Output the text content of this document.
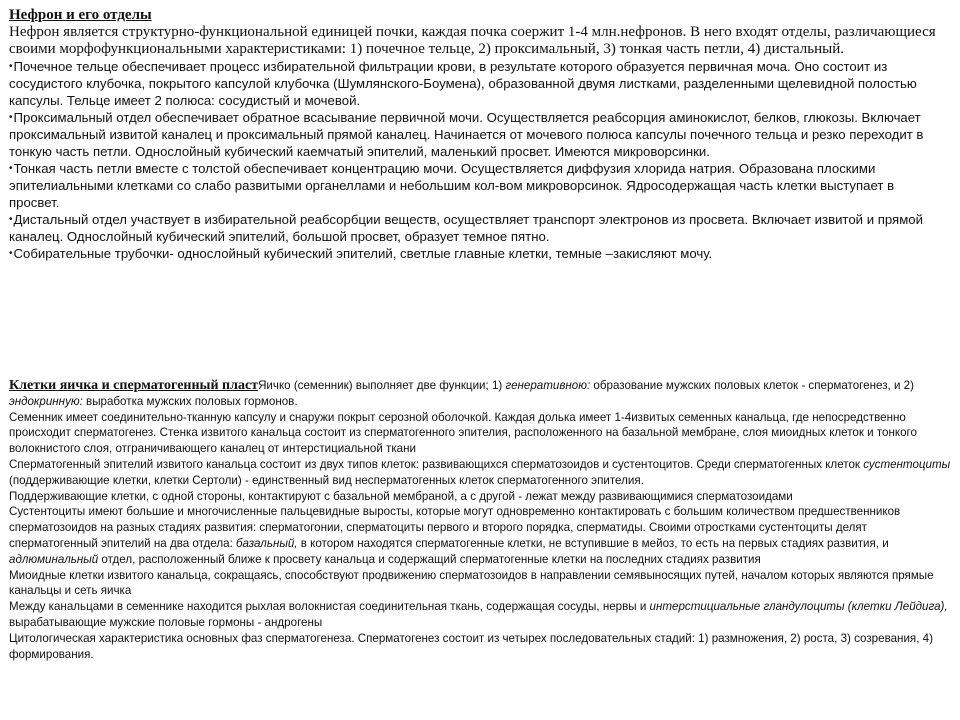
Нефрон и его отделы

Нефрон является структурно-функциональной единицей почки, каждая почка соержит 1-4 млн.нефронов. В него входят отделы, различающиеся своими морфофункциональными характеристиками: 1) почечное тельце, 2) проксимальный, 3) тонкая часть петли, 4) дистальный.

•Почечное тельце обеспечивает процесс избирательной фильтрации крови, в результате которого образуется первичная моча. Оно состоит из сосудистого клубочка, покрытого капсулой клубочка (Шумлянского-Боумена), образованной двумя листками, разделенными щелевидной полостью капсулы. Тельце имеет 2 полюса: сосудистый и мочевой.

•Проксимальный отдел обеспечивает обратное всасывание первичной мочи. Осуществляется реабсорция аминокислот, белков, глюкозы. Включает проксимальный извитой каналец и проксимальный прямой каналец. Начинается от мочевого полюса капсулы почечного тельца и резко переходит в тонкую часть петли. Однослойный кубический каемчатый эпителий, маленький просвет. Имеются микроворсинки.

•Тонкая часть петли вместе с толстой обеспечивает концентрацию мочи. Осуществляется диффузия хлорида натрия. Образована плоскими эпителиальными клетками со слабо развитыми органеллами и небольшим кол-вом микроворсинок. Ядросодержащая часть клетки выступает в просвет.

•Дистальный отдел участвует в избирательной реабсорбции веществ, осуществляет транспорт электронов из просвета. Включает извитой и прямой каналец. Однослойный кубический эпителий, большой просвет, образует темное пятно.

•Собирательные трубочки- однослойный кубический эпителий, светлые главные клетки, темные –закисляют мочу.

Клетки яичка и сперматогенный пластЯичко (семенник) выполняет две функции; 1) генеративною: образование мужских половых клеток - сперматогенез, и 2) эндокринную: выработка мужских половых гормонов.

Семенник имеет соединительно-тканную капсулу и снаружи покрыт серозной оболочкой. Каждая долька имеет 1-4извитых семенных канальца, где непосредственно происходит сперматогенез. Стенка извитого канальца состоит из сперматогенного эпителия, расположенного на базальной мембране, слоя миоидных клеток и тонкого волокнистого слоя, отграничивающего каналец от интерстициальной ткани

Сперматогенный эпителий извитого канальца состоит из двух типов клеток: развивающихся сперматозоидов и сустентоцитов. Среди сперматогенных клеток сустентоциты (поддерживающие клетки, клетки Сертоли) - единственный вид несперматогенных клеток сперматогенного эпителия.

Поддерживающие клетки, с одной стороны, контактируют с базальной мембраной, а с другой - лежат между развивающимися сперматозоидами

Сустентоциты имеют большие и многочисленные пальцевидные выросты, которые могут одновременно контактировать с большим количеством предшественников сперматозоидов на разных стадиях развития: сперматогонии, сперматоциты первого и второго порядка, сперматиды. Своими отростками сустентоциты делят сперматогенный эпителий на два отдела: базальный, в котором находятся сперматогенные клетки, не вступившие в мейоз, то есть на первых стадиях развития, и адлюминальный отдел, расположенный ближе к просвету канальца и содержащий сперматогенные клетки на последних стадиях развития

Миоидные клетки извитого канальца, сокращаясь, способствуют продвижению сперматозоидов в направлении семявыносящих путей, началом которых являются прямые канальцы и сеть яичка

Между канальцами в семеннике находится рыхлая волокнистая соединительная ткань, содержащая сосуды, нервы и интерстициальные гландулоциты (клетки Лейдига), вырабатывающие мужские половые гормоны - андрогены

Цитологическая характеристика основных фаз сперматогенеза. Сперматогенез состоит из четырех последовательных стадий: 1) размножения, 2) роста, 3) созревания, 4) формирования.
